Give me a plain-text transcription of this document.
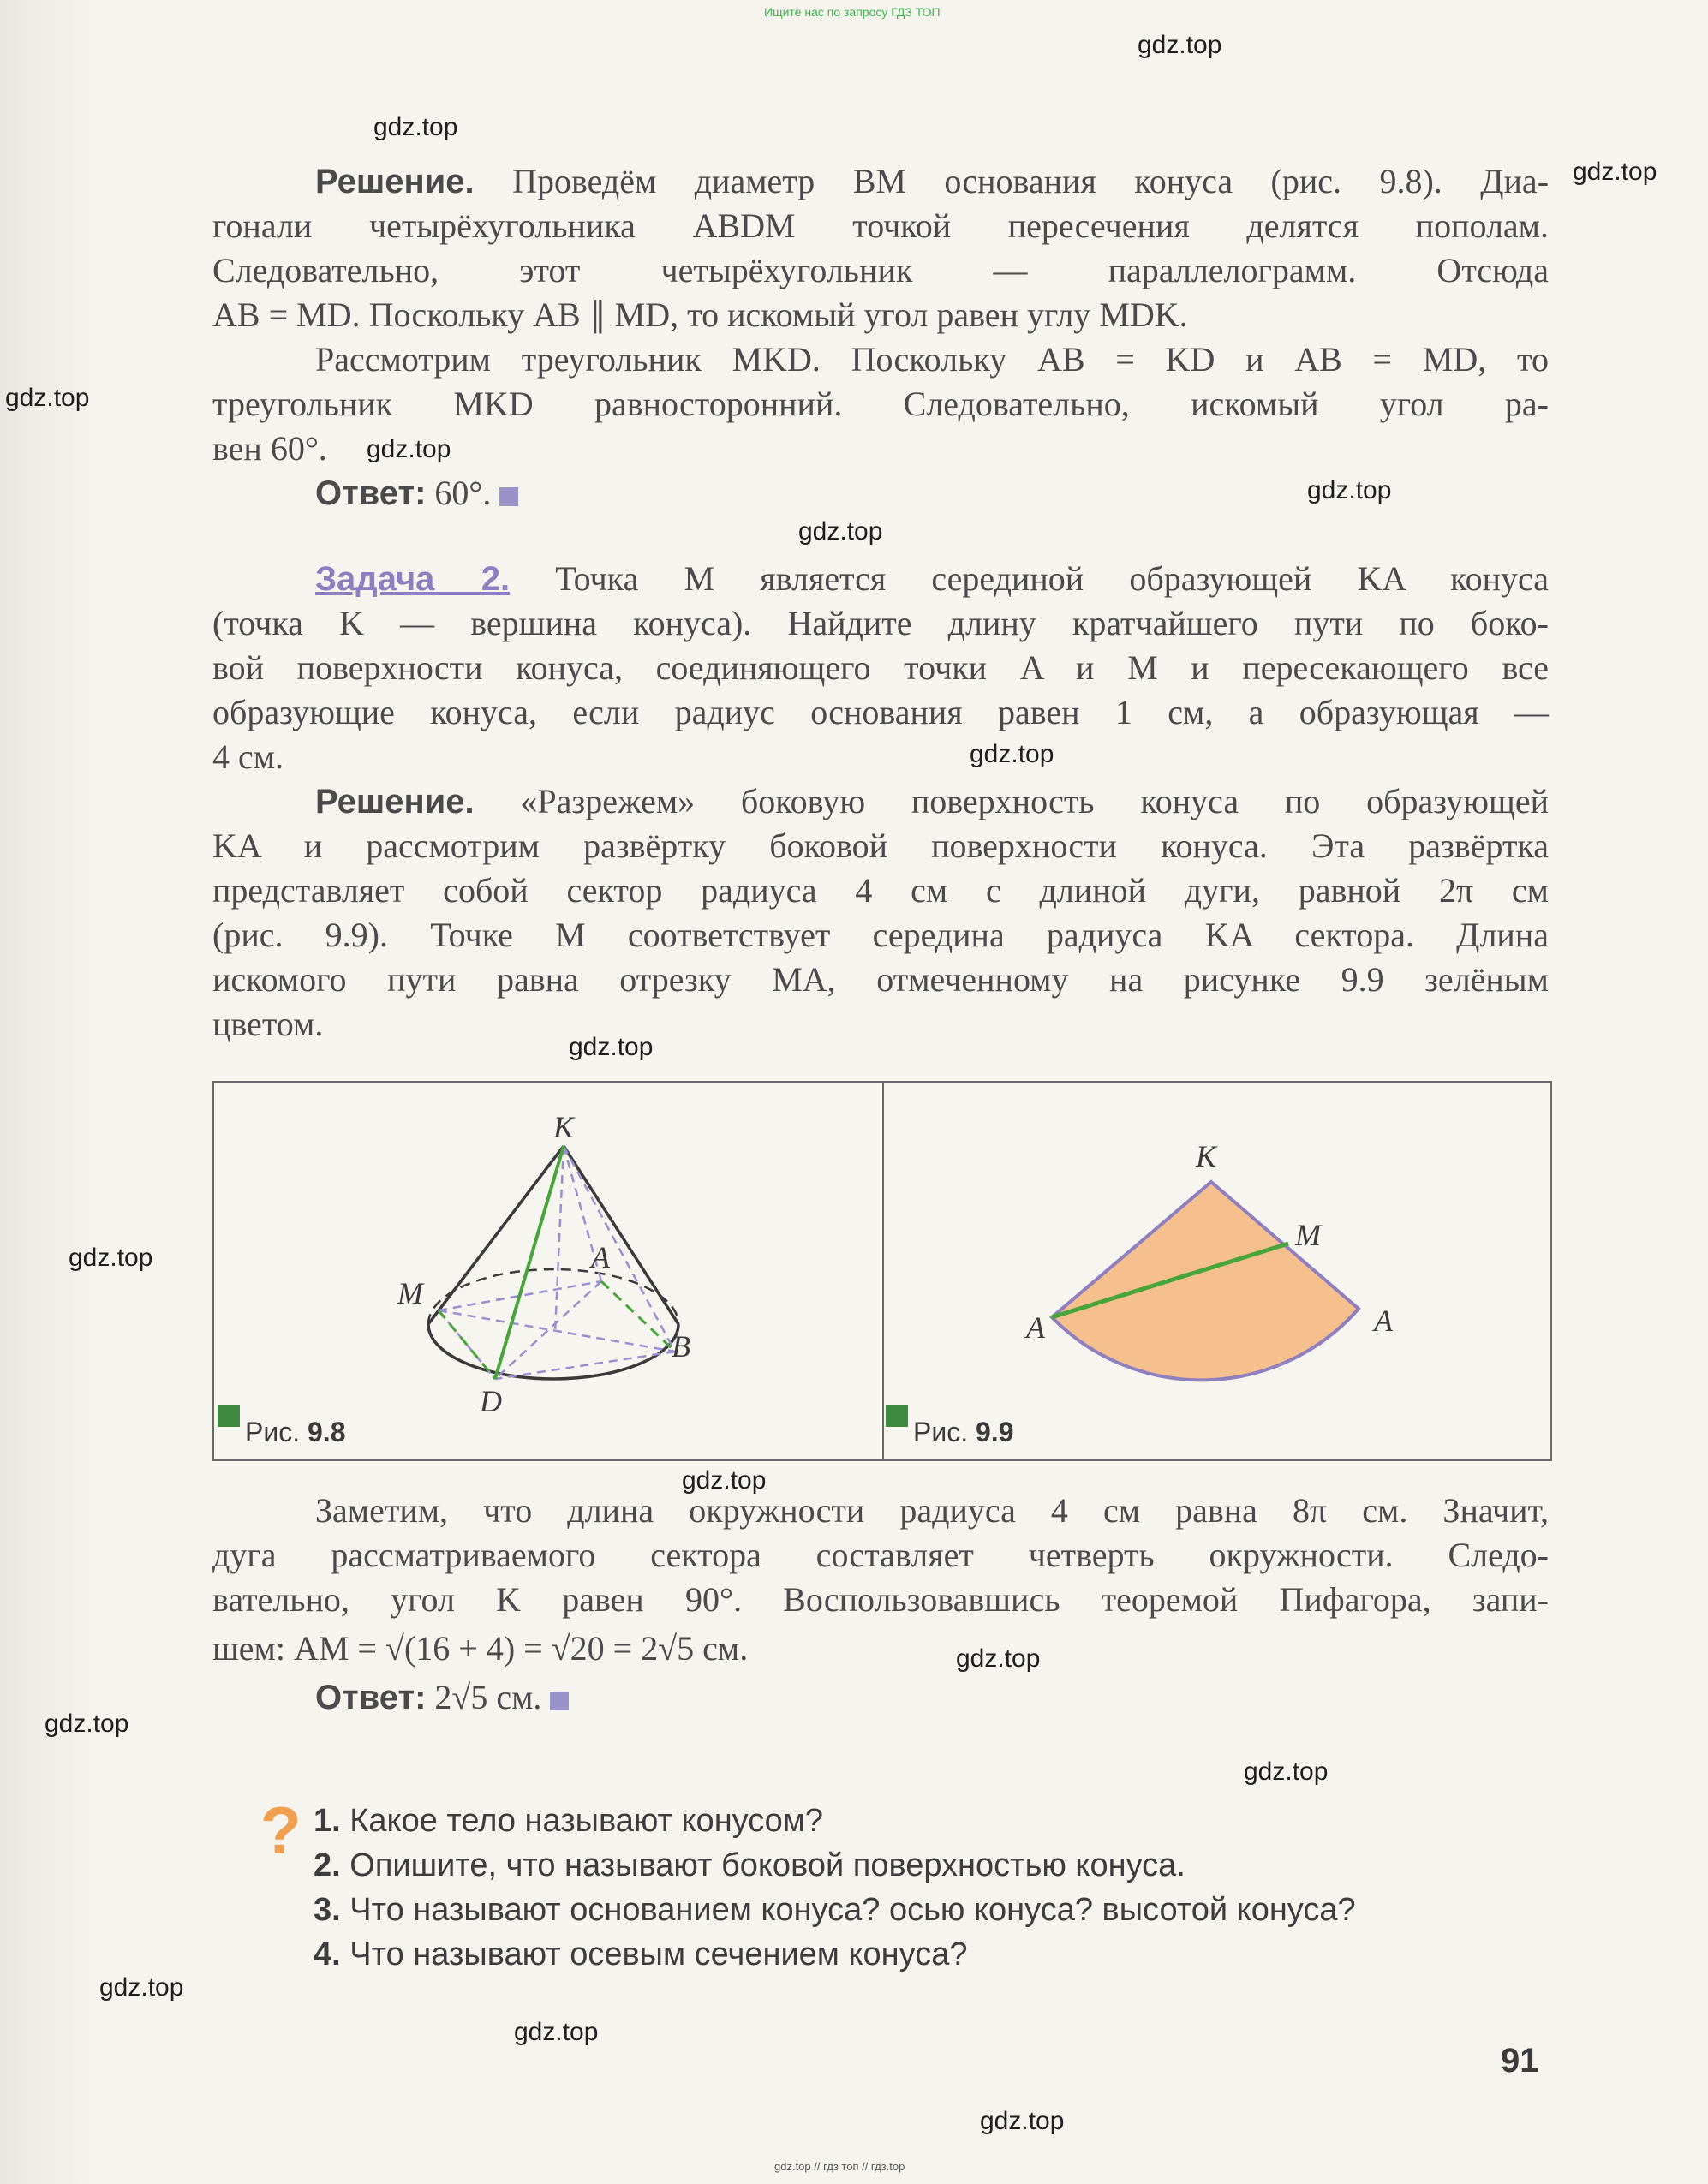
Ищите нас по запросу ГДЗ ТОП
gdz.top
gdz.top
gdz.top
gdz.top
gdz.top
gdz.top
gdz.top
gdz.top
gdz.top
gdz.top
gdz.top
gdz.top
gdz.top
gdz.top
gdz.top
gdz.top
gdz.top
Решение. Проведём диаметр BM основания конуса (рис. 9.8). Диа-
гонали четырёхугольника ABDM точкой пересечения делятся пополам.
Следовательно, этот четырёхугольник — параллелограмм. Отсюда
AB = MD. Поскольку AB ∥ MD, то искомый угол равен углу MDK.
Рассмотрим треугольник MKD. Поскольку AB = KD и AB = MD, то
треугольник MKD равносторонний. Следовательно, искомый угол ра-
вен 60°.
Ответ: 60°.
Задача 2. Точка M является серединой образующей KA конуса
(точка K — вершина конуса). Найдите длину кратчайшего пути по боко-
вой поверхности конуса, соединяющего точки A и M и пересекающего все
образующие конуса, если радиус основания равен 1 см, а образующая —
4 см.
Решение. «Разрежем» боковую поверхность конуса по образующей
KA и рассмотрим развёртку боковой поверхности конуса. Эта развёртка
представляет собой сектор радиуса 4 см с длиной дуги, равной 2π см
(рис. 9.9). Точке M соответствует середина радиуса KA сектора. Длина
искомого пути равна отрезку MA, отмеченному на рисунке 9.9 зелёным
цветом.
K
A
M
B
D
K
M
A	A
Рис. 9.8	Рис. 9.9
Заметим, что длина окружности радиуса 4 см равна 8π см. Значит,
дуга рассматриваемого сектора составляет четверть окружности. Следо-
вательно, угол K равен 90°. Воспользовавшись теоремой Пифагора, запи-
шем: AM = √(16 + 4) = √20 = 2√5 см.
Ответ: 2√5 см.
? 1. Какое тело называют конусом?
2. Опишите, что называют боковой поверхностью конуса.
3. Что называют основанием конуса? осью конуса? высотой конуса?
4. Что называют осевым сечением конуса?
91
gdz.top // гдз топ // гдз.top
